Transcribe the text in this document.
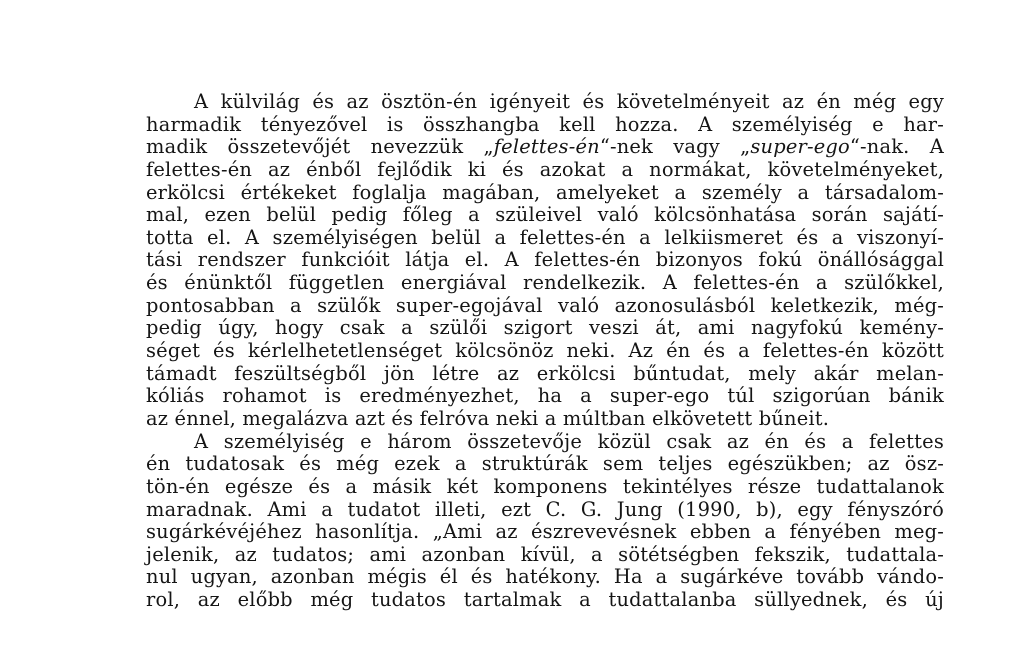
A külvilág és az ösztön-én igényeit és követelményeit az én még egy
harmadik tényezővel is összhangba kell hozza. A személyiség e har-
madik összetevőjét nevezzük „felettes-én“-nek vagy „super-ego“-nak. A
felettes-én az énből fejlődik ki és azokat a normákat, követelményeket,
erkölcsi értékeket foglalja magában, amelyeket a személy a társadalom-
mal, ezen belül pedig főleg a szüleivel való kölcsönhatása során sajátí-
totta el. A személyiségen belül a felettes-én a lelkiismeret és a viszonyí-
tási rendszer funkcióit látja el. A felettes-én bizonyos fokú önállósággal
és énünktől független energiával rendelkezik. A felettes-én a szülőkkel,
pontosabban a szülők super-egojával való azonosulásból keletkezik, még-
pedig úgy, hogy csak a szülői szigort veszi át, ami nagyfokú kemény-
séget és kérlelhetetlenséget kölcsönöz neki. Az én és a felettes-én között
támadt feszültségből jön létre az erkölcsi bűntudat, mely akár melan-
kóliás rohamot is eredményezhet, ha a super-ego túl szigorúan bánik
az énnel, megalázva azt és felróva neki a múltban elkövetett bűneit.
A személyiség e három összetevője közül csak az én és a felettes
én tudatosak és még ezek a struktúrák sem teljes egészükben; az ösz-
tön-én egésze és a másik két komponens tekintélyes része tudattalanok
maradnak. Ami a tudatot illeti, ezt C. G. Jung (1990, b), egy fényszóró
sugárkévéjéhez hasonlítja. „Ami az észrevevésnek ebben a fényében meg-
jelenik, az tudatos; ami azonban kívül, a sötétségben fekszik, tudattala-
nul ugyan, azonban mégis él és hatékony. Ha a sugárkéve tovább vándo-
rol, az előbb még tudatos tartalmak a tudattalanba süllyednek, és új
